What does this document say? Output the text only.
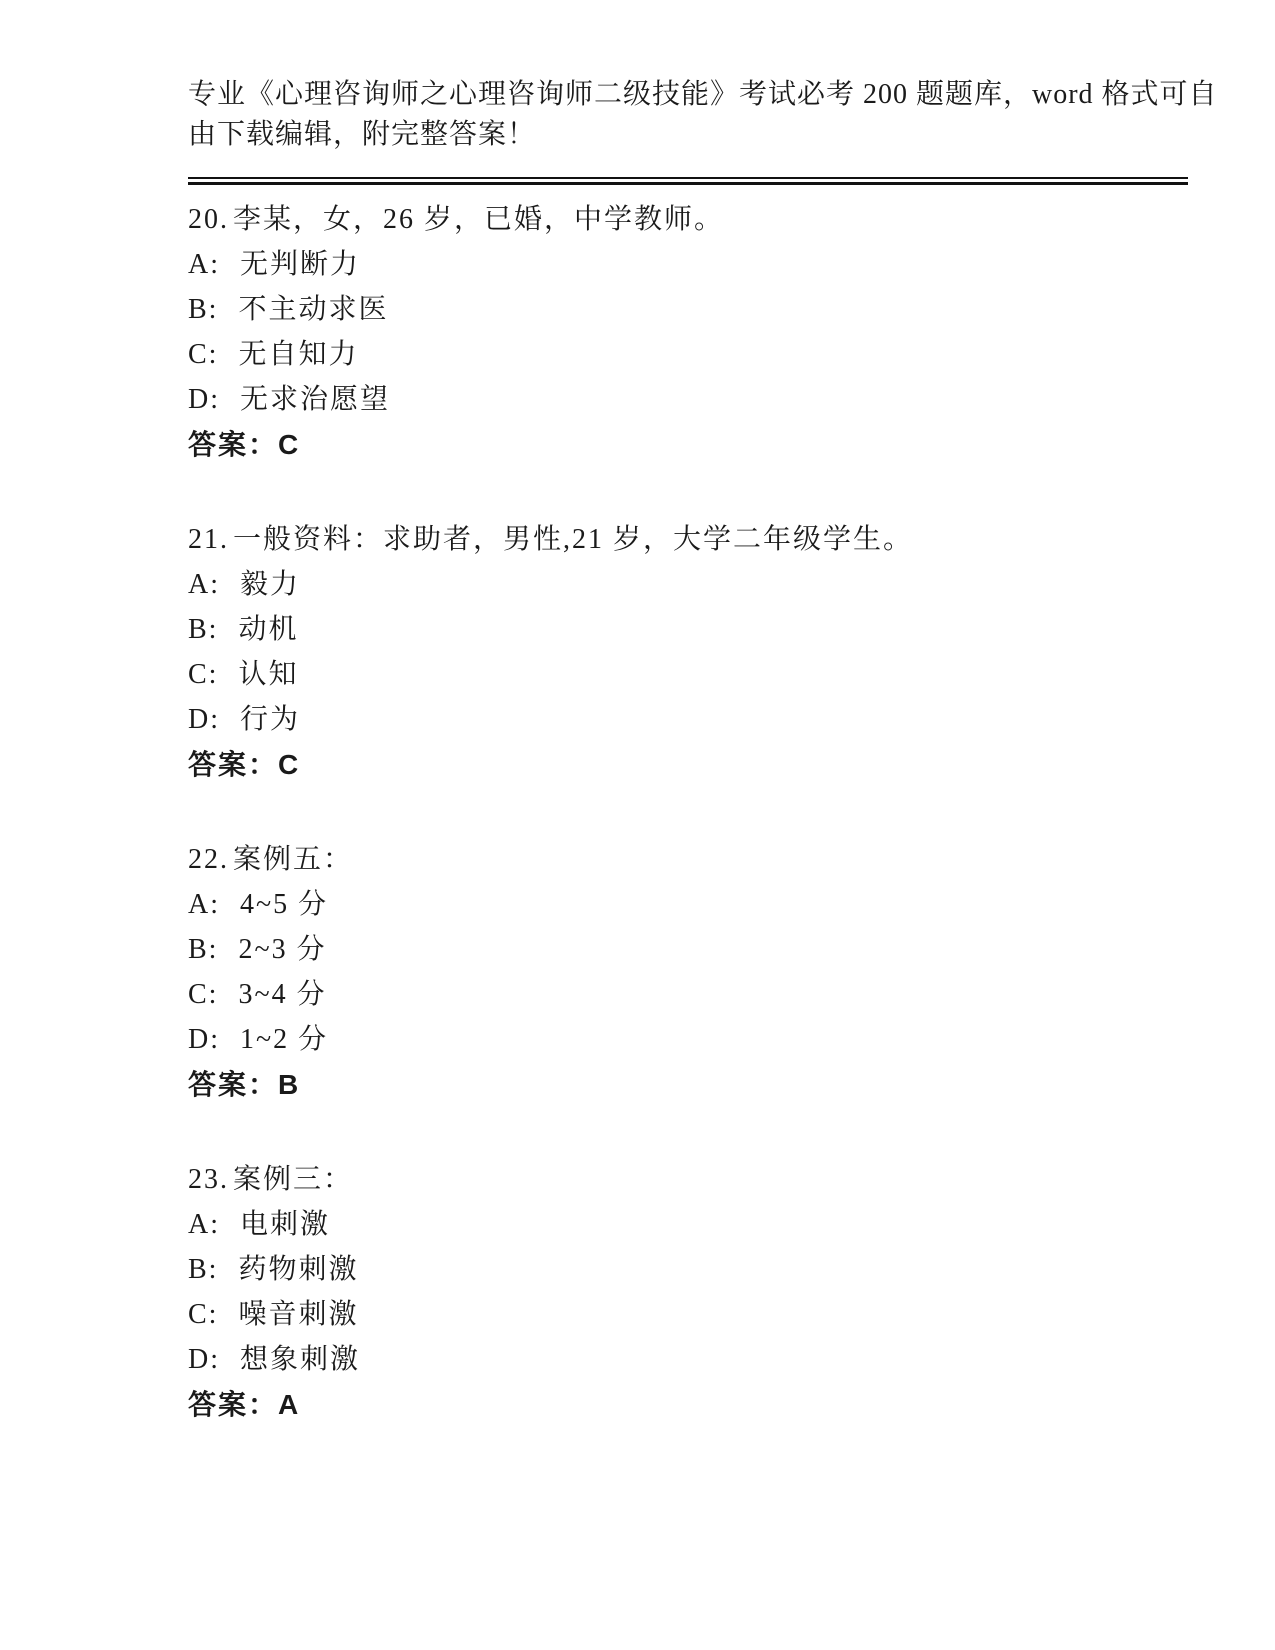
专业《心理咨询师之心理咨询师二级技能》考试必考 200 题题库，word 格式可自
由下载编辑，附完整答案！
20. 李某，女，26 岁，已婚，中学教师。
A: 无判断力
B: 不主动求医
C: 无自知力
D: 无求治愿望
答案：C
21. 一般资料：求助者，男性,21 岁，大学二年级学生。
A: 毅力
B: 动机
C: 认知
D: 行为
答案：C
22. 案例五：
A: 4~5 分
B: 2~3 分
C: 3~4 分
D: 1~2 分
答案：B
23. 案例三：
A: 电刺激
B: 药物刺激
C: 噪音刺激
D: 想象刺激
答案：A
